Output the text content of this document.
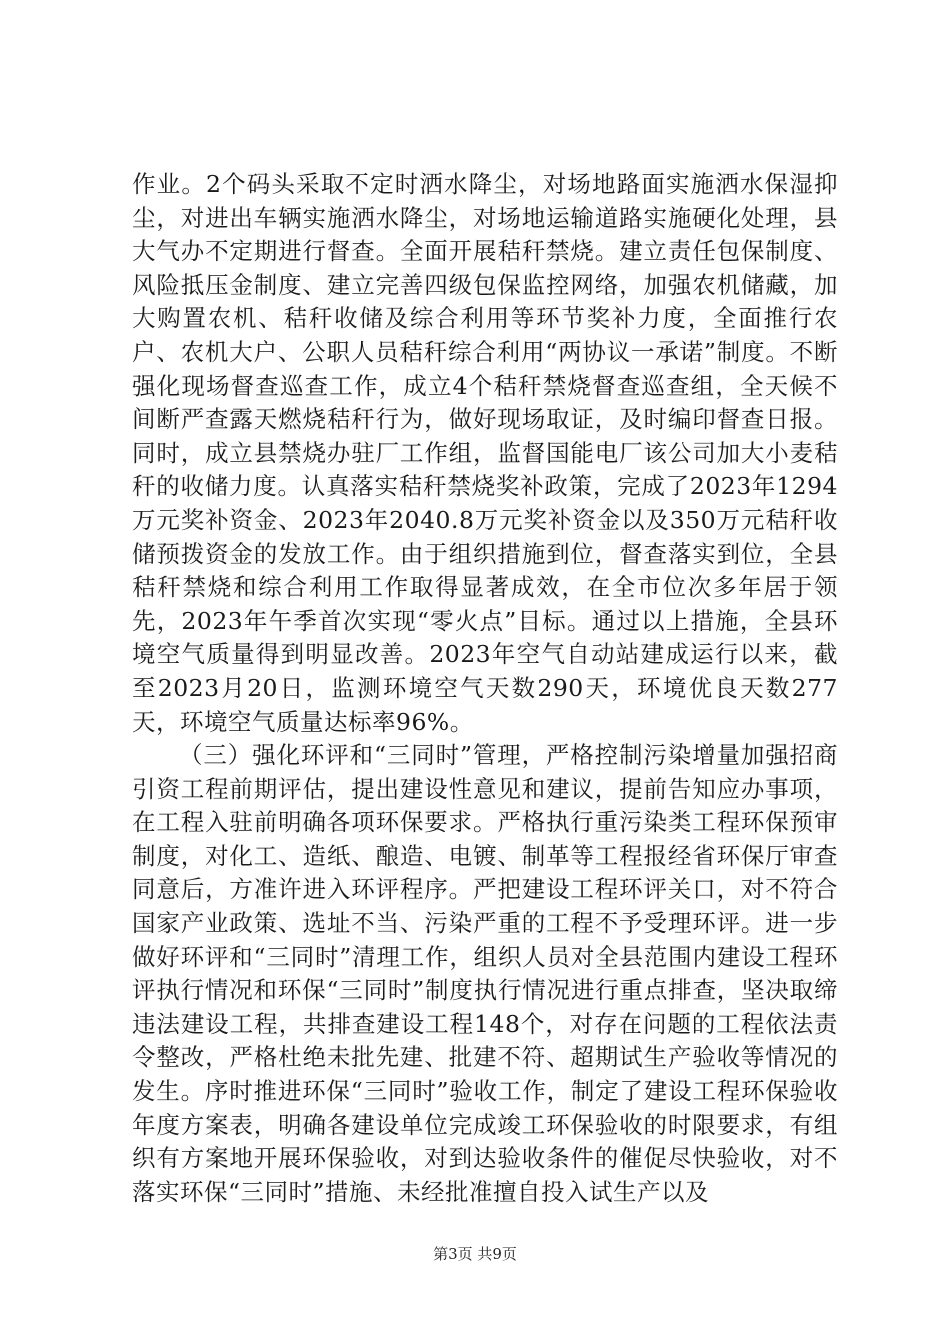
作业。2个码头采取不定时洒水降尘，对场地路面实施洒水保湿抑尘，对进出车辆实施洒水降尘，对场地运输道路实施硬化处理，县大气办不定期进行督查。全面开展秸秆禁烧。建立责任包保制度、风险抵压金制度、建立完善四级包保监控网络，加强农机储藏，加大购置农机、秸秆收储及综合利用等环节奖补力度，全面推行农户、农机大户、公职人员秸秆综合利用“两协议一承诺”制度。不断强化现场督查巡查工作，成立4个秸秆禁烧督查巡查组，全天候不间断严查露天燃烧秸秆行为，做好现场取证，及时编印督查日报。同时，成立县禁烧办驻厂工作组，监督国能电厂该公司加大小麦秸秆的收储力度。认真落实秸秆禁烧奖补政策，完成了2023年1294万元奖补资金、2023年2040.8万元奖补资金以及350万元秸秆收储预拨资金的发放工作。由于组织措施到位，督查落实到位，全县秸秆禁烧和综合利用工作取得显著成效，在全市位次多年居于领先，2023年午季首次实现“零火点”目标。通过以上措施，全县环境空气质量得到明显改善。2023年空气自动站建成运行以来，截至2023月20日，监测环境空气天数290天，环境优良天数277天，环境空气质量达标率96%。

（三）强化环评和“三同时”管理，严格控制污染增量加强招商引资工程前期评估，提出建设性意见和建议，提前告知应办事项，在工程入驻前明确各项环保要求。严格执行重污染类工程环保预审制度，对化工、造纸、酿造、电镀、制革等工程报经省环保厅审查同意后，方准许进入环评程序。严把建设工程环评关口，对不符合国家产业政策、选址不当、污染严重的工程不予受理环评。进一步做好环评和“三同时”清理工作，组织人员对全县范围内建设工程环评执行情况和环保“三同时”制度执行情况进行重点排查，坚决取缔违法建设工程，共排查建设工程148个，对存在问题的工程依法责令整改，严格杜绝未批先建、批建不符、超期试生产验收等情况的发生。序时推进环保“三同时”验收工作，制定了建设工程环保验收年度方案表，明确各建设单位完成竣工环保验收的时限要求，有组织有方案地开展环保验收，对到达验收条件的催促尽快验收，对不落实环保“三同时”措施、未经批准擅自投入试生产以及

第3页 共9页
